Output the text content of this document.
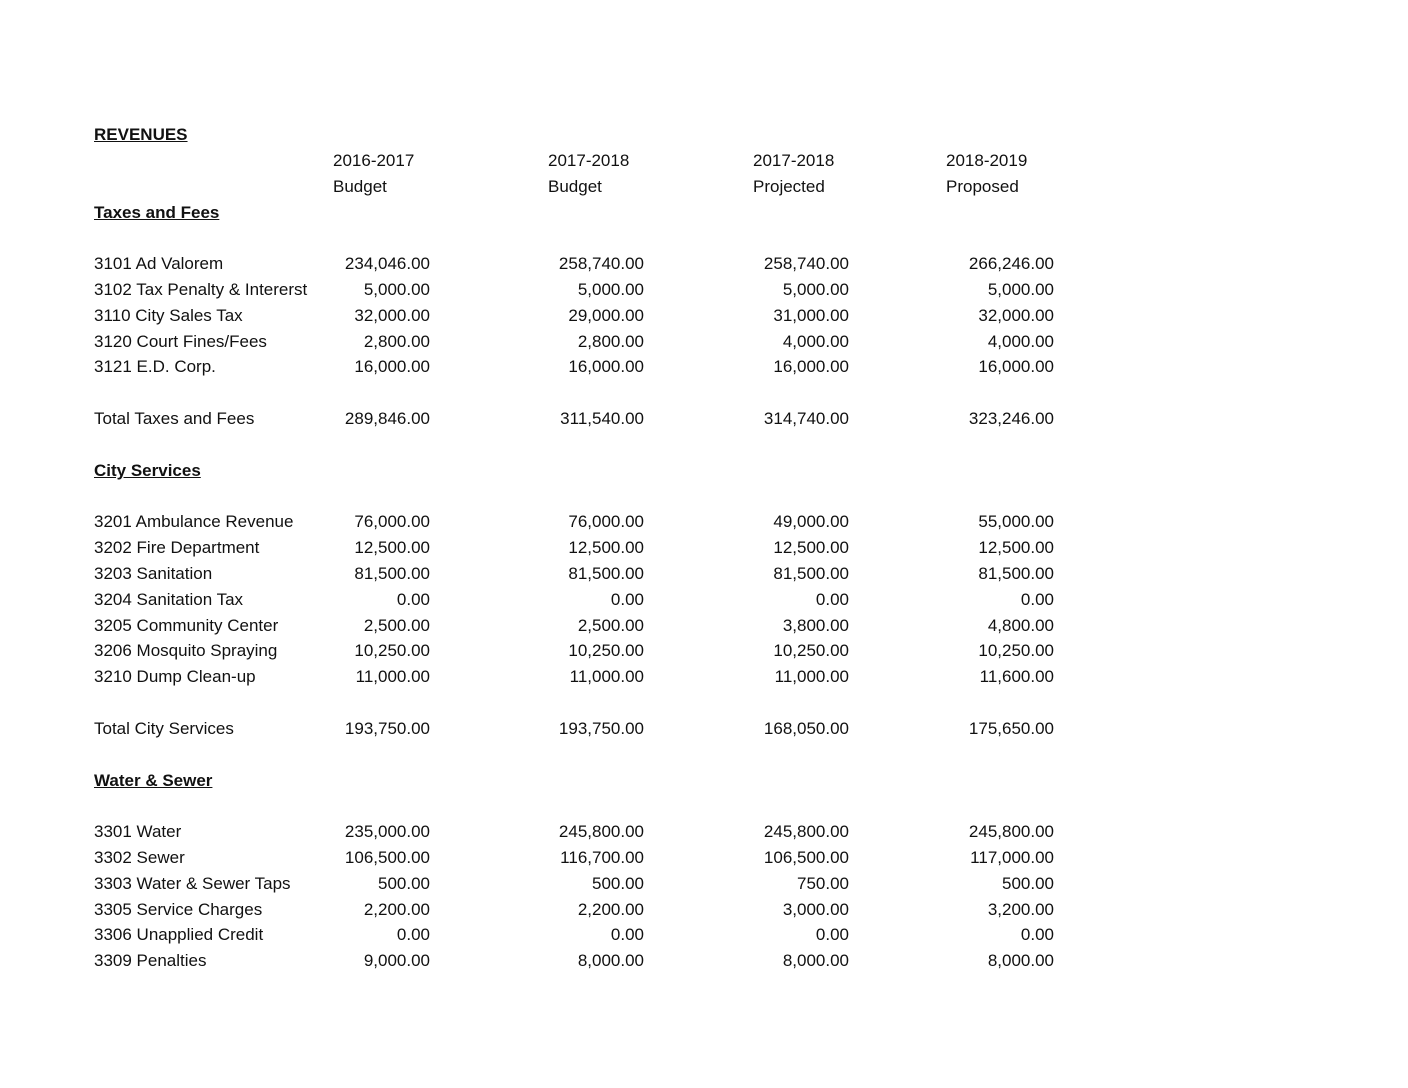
REVENUES
2016-2017	2017-2018	2017-2018	2018-2019
Budget	Budget	Projected	Proposed
Taxes and Fees
3101 Ad Valorem	234,046.00	258,740.00	258,740.00	266,246.00
3102 Tax Penalty & Intererst	5,000.00	5,000.00	5,000.00	5,000.00
3110 City Sales Tax	32,000.00	29,000.00	31,000.00	32,000.00
3120 Court Fines/Fees	2,800.00	2,800.00	4,000.00	4,000.00
3121 E.D. Corp.	16,000.00	16,000.00	16,000.00	16,000.00
Total Taxes and Fees	289,846.00	311,540.00	314,740.00	323,246.00
City Services
3201 Ambulance Revenue	76,000.00	76,000.00	49,000.00	55,000.00
3202 Fire Department	12,500.00	12,500.00	12,500.00	12,500.00
3203 Sanitation	81,500.00	81,500.00	81,500.00	81,500.00
3204 Sanitation Tax	0.00	0.00	0.00	0.00
3205 Community Center	2,500.00	2,500.00	3,800.00	4,800.00
3206 Mosquito Spraying	10,250.00	10,250.00	10,250.00	10,250.00
3210 Dump Clean-up	11,000.00	11,000.00	11,000.00	11,600.00
Total City Services	193,750.00	193,750.00	168,050.00	175,650.00
Water & Sewer
3301 Water	235,000.00	245,800.00	245,800.00	245,800.00
3302 Sewer	106,500.00	116,700.00	106,500.00	117,000.00
3303 Water & Sewer Taps	500.00	500.00	750.00	500.00
3305 Service Charges	2,200.00	2,200.00	3,000.00	3,200.00
3306 Unapplied Credit	0.00	0.00	0.00	0.00
3309 Penalties	9,000.00	8,000.00	8,000.00	8,000.00
